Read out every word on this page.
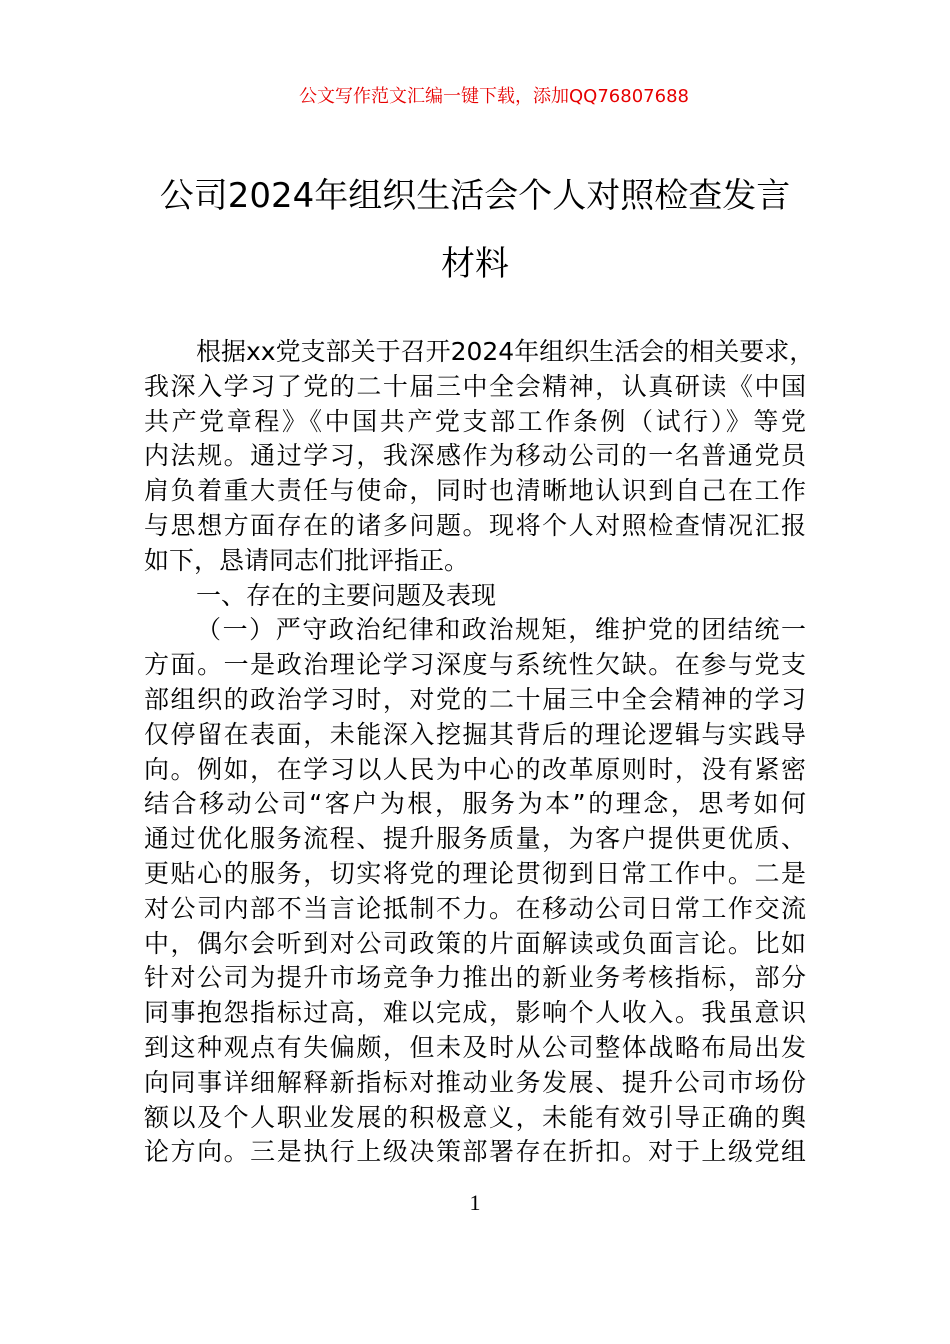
公文写作范文汇编一键下载，添加QQ76807688
公司2024年组织生活会个人对照检查发言
材料
根据xx党支部关于召开2024年组织生活会的相关要求，
我深入学习了党的二十届三中全会精神，认真研读《中国
共产党章程》《中国共产党支部工作条例（试行）》等党
内法规。通过学习，我深感作为移动公司的一名普通党员
肩负着重大责任与使命，同时也清晰地认识到自己在工作
与思想方面存在的诸多问题。现将个人对照检查情况汇报
如下，恳请同志们批评指正。
一、存在的主要问题及表现
（一）严守政治纪律和政治规矩，维护党的团结统一
方面。一是政治理论学习深度与系统性欠缺。在参与党支
部组织的政治学习时，对党的二十届三中全会精神的学习
仅停留在表面，未能深入挖掘其背后的理论逻辑与实践导
向。例如，在学习以人民为中心的改革原则时，没有紧密
结合移动公司“客户为根，服务为本”的理念，思考如何
通过优化服务流程、提升服务质量，为客户提供更优质、
更贴心的服务，切实将党的理论贯彻到日常工作中。二是
对公司内部不当言论抵制不力。在移动公司日常工作交流
中，偶尔会听到对公司政策的片面解读或负面言论。比如
针对公司为提升市场竞争力推出的新业务考核指标，部分
同事抱怨指标过高，难以完成，影响个人收入。我虽意识
到这种观点有失偏颇，但未及时从公司整体战略布局出发
向同事详细解释新指标对推动业务发展、提升公司市场份
额以及个人职业发展的积极意义，未能有效引导正确的舆
论方向。三是执行上级决策部署存在折扣。对于上级党组
1
